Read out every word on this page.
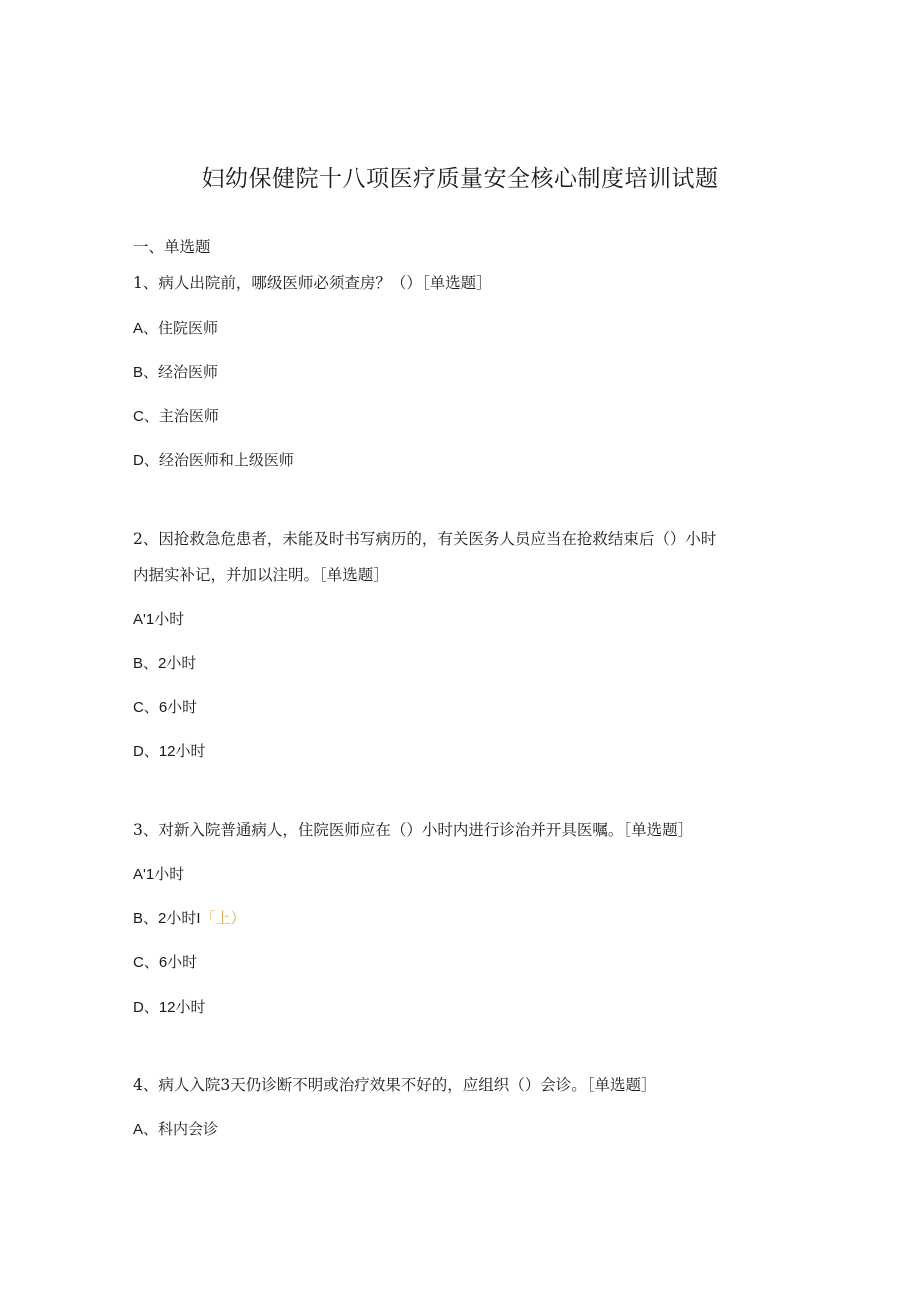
妇幼保健院十八项医疗质量安全核心制度培训试题
一、单选题
1、病人出院前，哪级医师必须查房？（）［单选题］
A、住院医师
B、经治医师
C、主治医师
D、经治医师和上级医师
2、因抢救急危患者，未能及时书写病历的，有关医务人员应当在抢救结束后（）小时
内据实补记，并加以注明。［单选题］
A'1小时
B、2小时
C、6小时
D、12小时
3、对新入院普通病人，住院医师应在（）小时内进行诊治并开具医嘱。［单选题］
A'1小时
B、2小时I「上）
C、6小时
D、12小时
4、病人入院3天仍诊断不明或治疗效果不好的，应组织（）会诊。［单选题］
A、科内会诊
